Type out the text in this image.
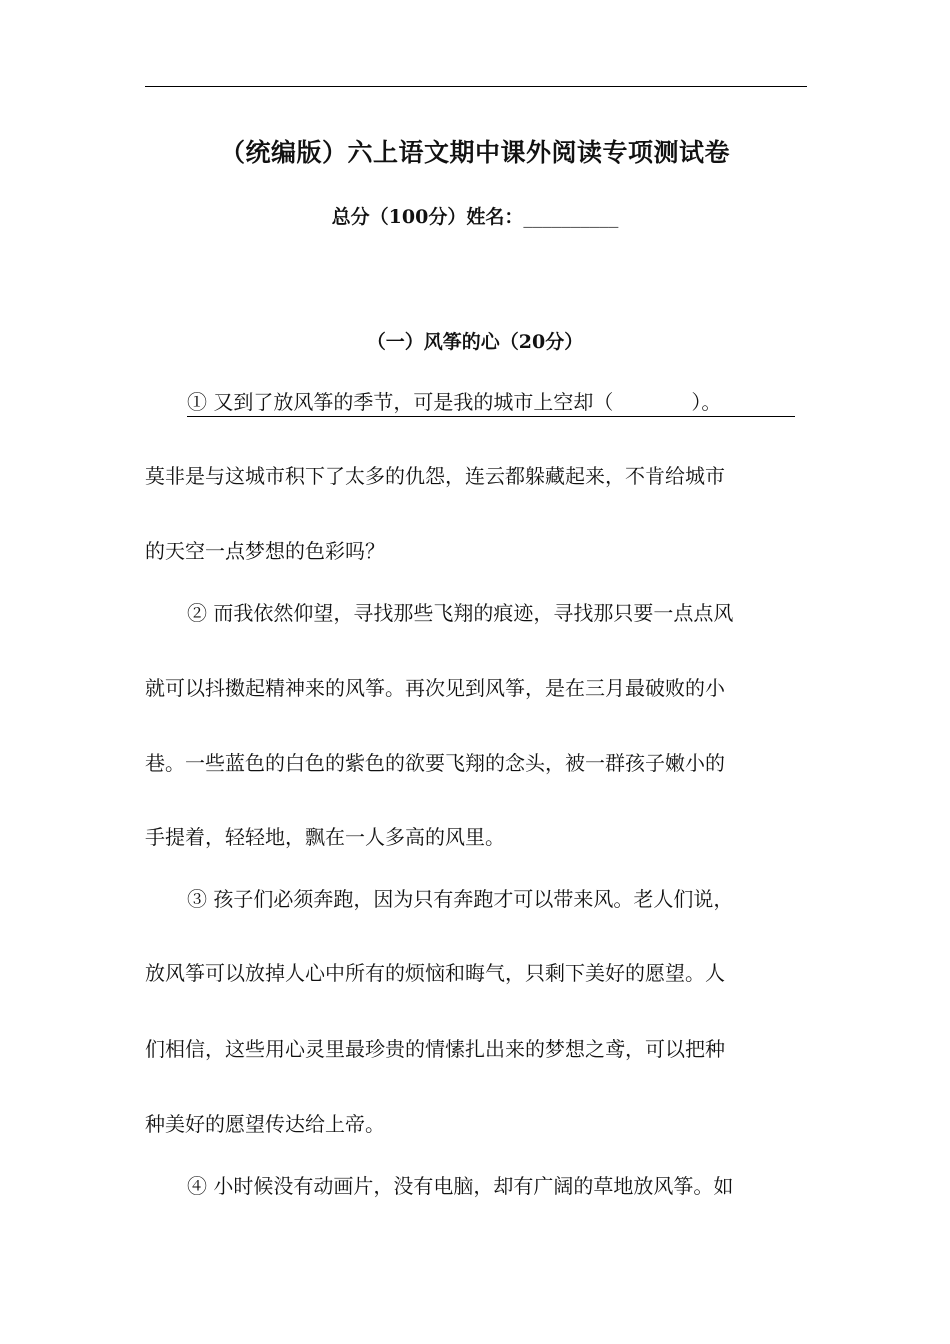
（统编版）六上语文期中课外阅读专项测试卷
总分（100分）姓名：__________
（一）风筝的心（20分）
① 又到了放风筝的季节，可是我的城市上空却（	）。
莫非是与这城市积下了太多的仇怨，连云都躲藏起来，不肯给城市
的天空一点梦想的色彩吗？
② 而我依然仰望，寻找那些飞翔的痕迹，寻找那只要一点点风
就可以抖擞起精神来的风筝。再次见到风筝，是在三月最破败的小
巷。一些蓝色的白色的紫色的欲要飞翔的念头，被一群孩子嫩小的
手提着，轻轻地，飘在一人多高的风里。
③ 孩子们必须奔跑，因为只有奔跑才可以带来风。老人们说，
放风筝可以放掉人心中所有的烦恼和晦气，只剩下美好的愿望。人
们相信，这些用心灵里最珍贵的情愫扎出来的梦想之鸢，可以把种
种美好的愿望传达给上帝。
④ 小时候没有动画片，没有电脑，却有广阔的草地放风筝。如
